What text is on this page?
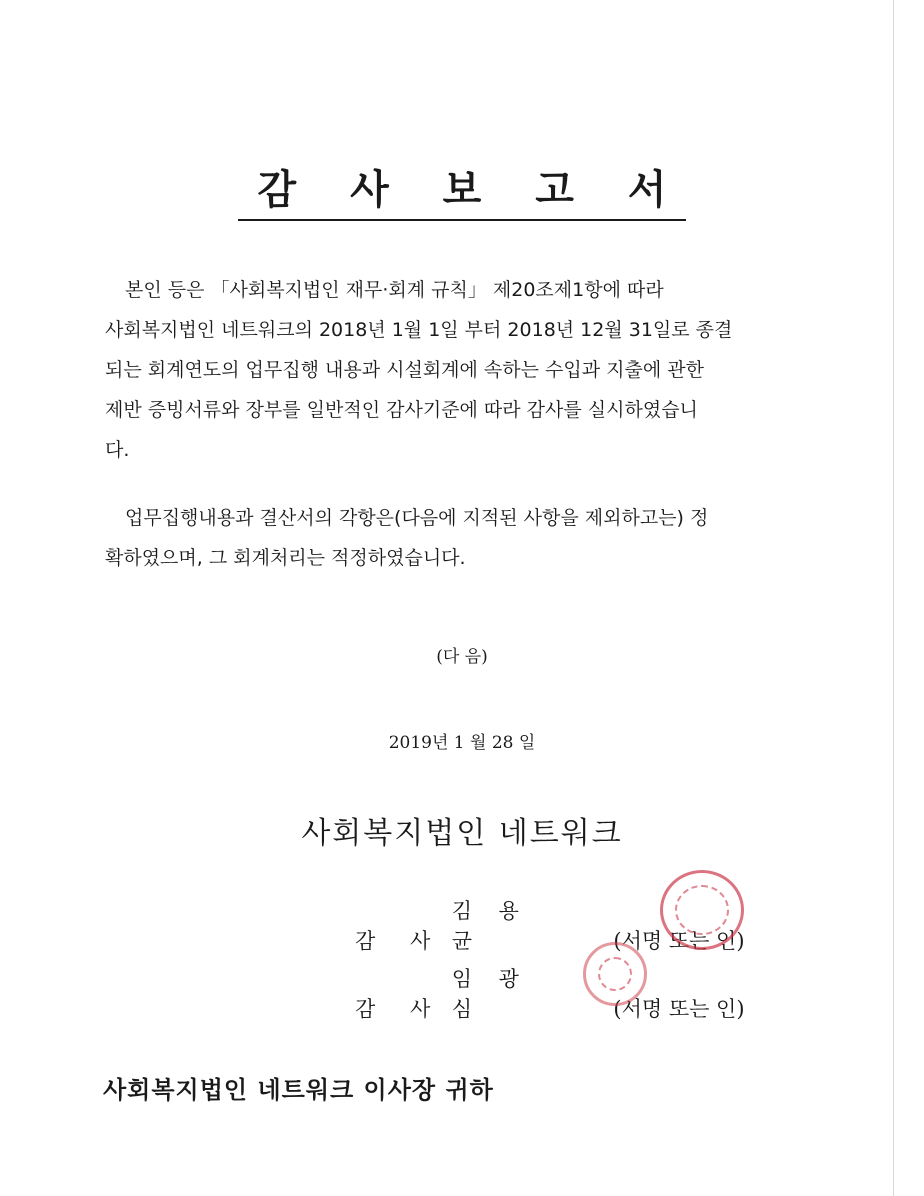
감 사 보 고 서
본인 등은 「사회복지법인 재무·회계 규칙」 제20조제1항에 따라
사회복지법인 네트워크의 2018년 1월 1일 부터 2018년 12월 31일로 종결
되는 회계연도의 업무집행 내용과 시설회계에 속하는 수입과 지출에 관한
제반 증빙서류와 장부를 일반적인 감사기준에 따라 감사를 실시하였습니
다.
업무집행내용과 결산서의 각항은(다음에 지적된 사항을 제외하고는) 정
확하였으며, 그 회계처리는 적정하였습니다.
(다 음)
2019년 1 월 28 일
사회복지법인 네트워크
감 사 김 용 균	(서명 또는 인)
감 사 임 광 심	(서명 또는 인)
사회복지법인 네트워크 이사장 귀하
